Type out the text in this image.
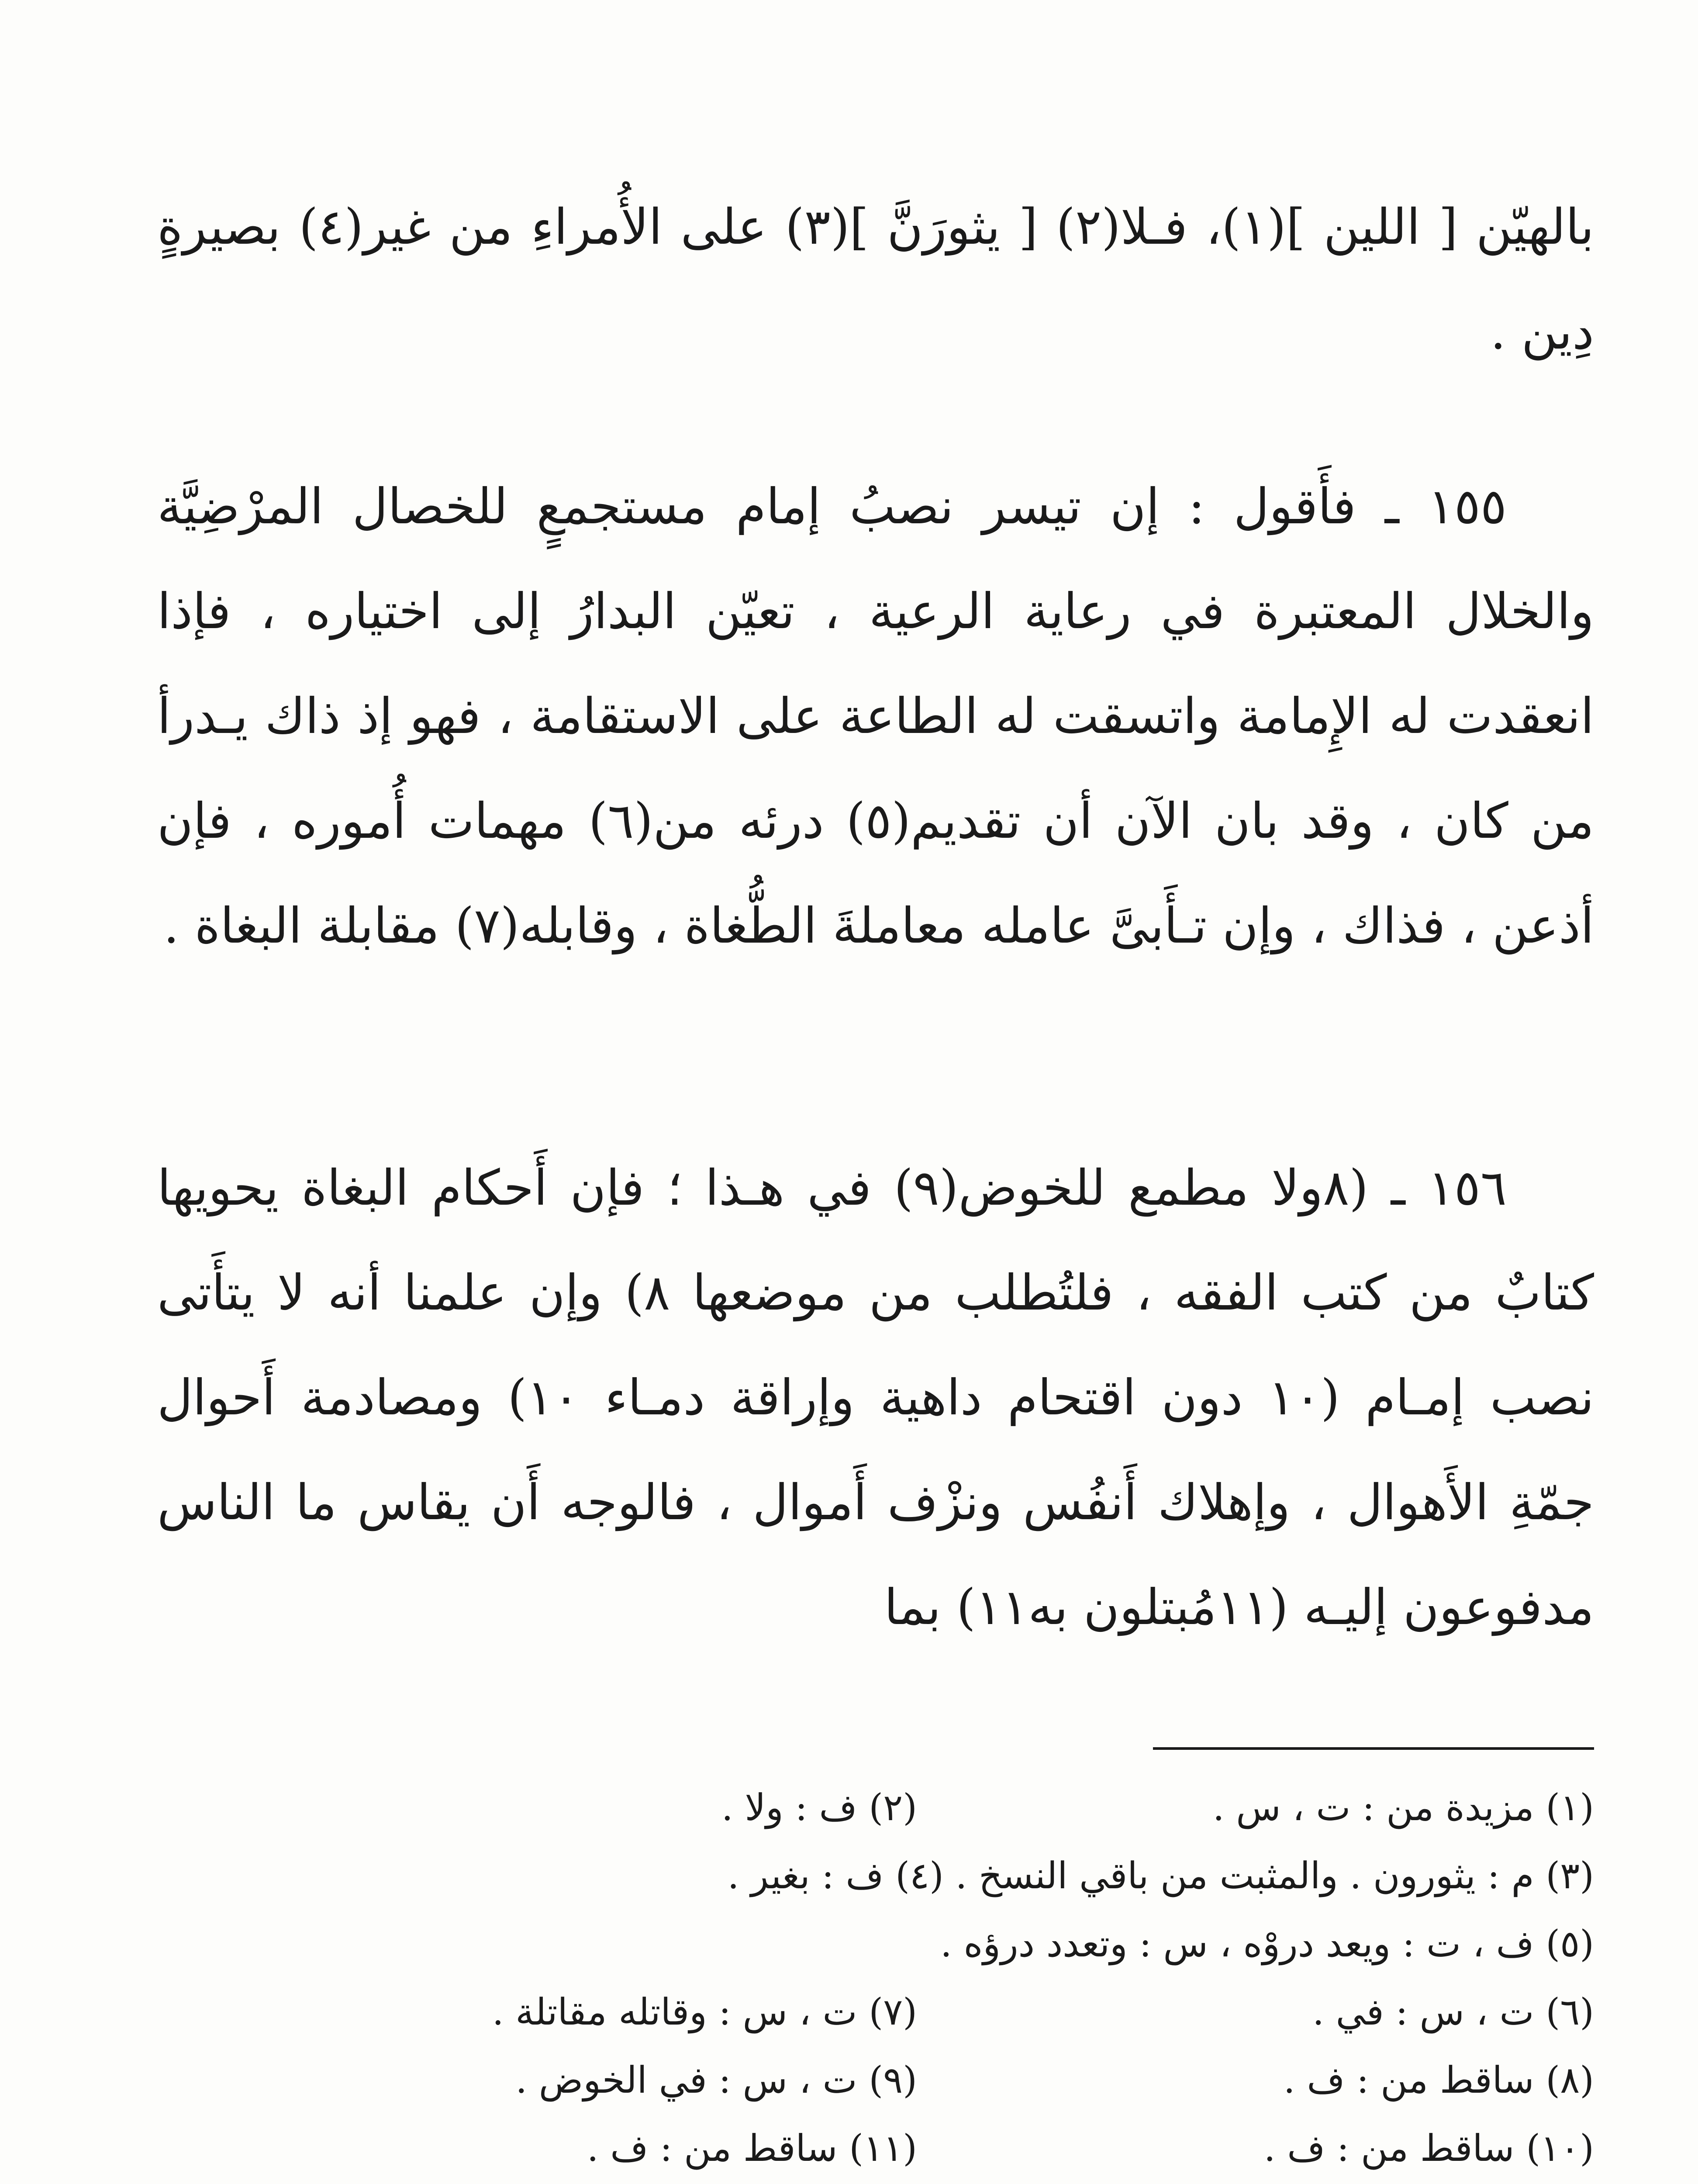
بالهيّن [ اللين ](١)، فـلا(٢) [ يثورَنَّ ](٣) على الأُمراءِ من غير(٤) بصيرةٍ دِين .

١٥٥ ـ فأَقول : إن تيسر نصبُ إمام مستجمعٍ للخصال المرْضِيَّة والخلال المعتبرة في رعاية الرعية ، تعيّن البدارُ إلى اختياره ، فإذا انعقدت له الإِمامة واتسقت له الطاعة على الاستقامة ، فهو إذ ذاك يـدرأ من كان ، وقد بان الآن أن تقديم(٥) درئه من(٦) مهمات أُموره ، فإن أذعن ، فذاك ، وإن تـأَبىَّ عامله معاملةَ الطُّغاة ، وقابله(٧) مقابلة البغاة .

١٥٦ ـ (٨ولا مطمع للخوض(٩) في هـذا ؛ فإن أَحكام البغاة يحويها كتابٌ من كتب الفقه ، فلتُطلب من موضعها ٨) وإن علمنا أنه لا يتأَتى نصب إمـام (١٠ دون اقتحام داهية وإراقة دمـاء ١٠) ومصادمة أَحوال جمّةِ الأَهوال ، وإهلاك أَنفُس ونزْف أَموال ، فالوجه أَن يقاس ما الناس مدفوعون إليـه (١١مُبتلون به١١) بما

(١) مزيدة من : ت ، س .
(٢) ف : ولا .
(٣) م : يثورون . والمثبت من باقي النسخ . (٤) ف : بغير .
(٥) ف ، ت : ويعد دروْه ، س : وتعدد درؤه .
(٦) ت ، س : في .
(٧) ت ، س : وقاتله مقاتلة .
(٨) ساقط من : ف .
(٩) ت ، س : في الخوض .
(١٠) ساقط من : ف .
(١١) ساقط من : ف .
